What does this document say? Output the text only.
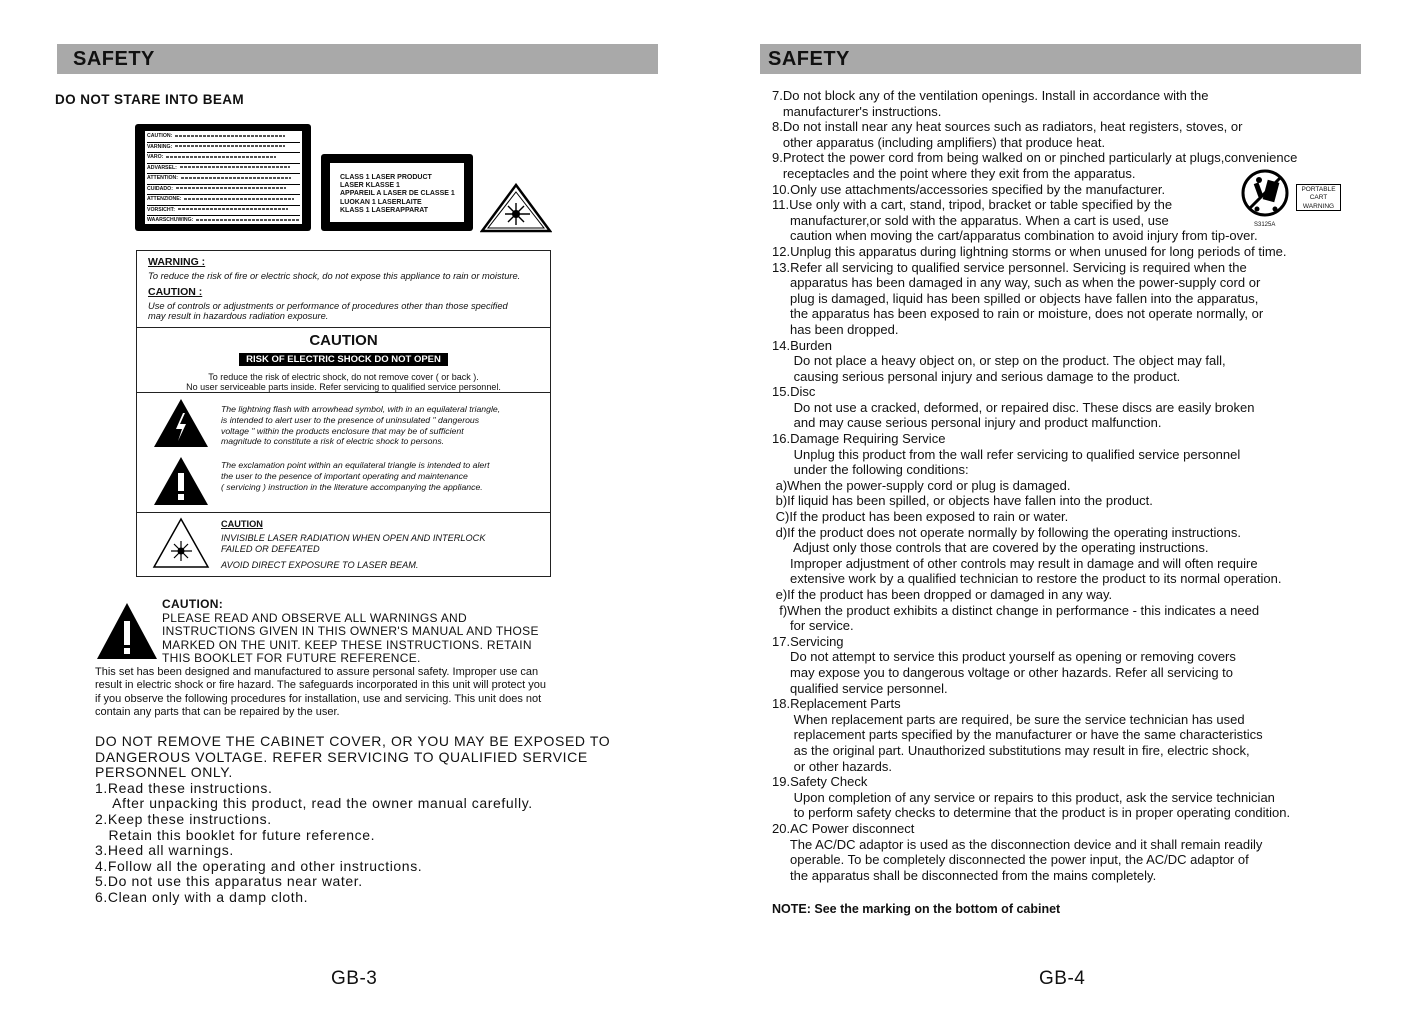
SAFETY
DO NOT STARE INTO BEAM
CAUTION:
VARNING:
VARO:
ADVARSEL:
ATTENTION:
CUIDADO:
ATTENZIONE:
VORSICHT:
WAARSCHUWING:
CLASS 1 LASER PRODUCT
LASER KLASSE 1
APPAREIL A LASER DE CLASSE 1
LUOKAN 1 LASERLAITE
KLASS 1 LASERAPPARAT
WARNING :
To reduce the risk of fire or electric shock, do not expose this appliance to rain or moisture.
CAUTION :
Use of controls or adjustments or performance of procedures other than those specified
may result in hazardous radiation exposure.
CAUTION
RISK OF ELECTRIC SHOCK DO NOT OPEN
To reduce the risk of electric shock, do not remove cover ( or back ).
No user serviceable parts inside. Refer servicing to qualified service personnel.
The lightning flash with arrowhead symbol, with in an equilateral triangle,
is intended to alert user to the presence of uninsulated " dangerous
voltage " within the products enclosure that may be of sufficient
magnitude to constitute a risk of electric shock to persons.
The exclamation point within an equilateral triangle is intended to alert
the user to the pesence of important operating and maintenance
( servicing ) instruction in the literature accompanying the appliance.
CAUTION
INVISIBLE LASER RADIATION WHEN OPEN AND INTERLOCK
FAILED OR DEFEATED
AVOID DIRECT EXPOSURE TO LASER BEAM.
CAUTION:
PLEASE READ AND OBSERVE ALL WARNINGS AND
INSTRUCTIONS GIVEN IN THIS OWNER'S MANUAL AND THOSE
MARKED ON THE UNIT. KEEP THESE INSTRUCTIONS. RETAIN
THIS BOOKLET FOR FUTURE REFERENCE.
This set has been designed and manufactured to assure personal safety. Improper use can
result in electric shock or fire hazard. The safeguards incorporated in this unit will protect you
if you observe the following procedures for installation, use and servicing. This unit does not
contain any parts that can be repaired by the user.
DO NOT REMOVE THE CABINET COVER, OR YOU MAY BE EXPOSED TO
DANGEROUS VOLTAGE. REFER SERVICING TO QUALIFIED SERVICE
PERSONNEL ONLY.
1.Read these instructions.
After unpacking this product, read the owner manual carefully.
2.Keep these instructions.
Retain this booklet for future reference.
3.Heed all warnings.
4.Follow all the operating and other instructions.
5.Do not use this apparatus near water.
6.Clean only with a damp cloth.
GB-3
SAFETY
7.Do not block any of the ventilation openings. Install in accordance with the
manufacturer's instructions.
8.Do not install near any heat sources such as radiators, heat registers, stoves, or
other apparatus (including amplifiers) that produce heat.
9.Protect the power cord from being walked on or pinched particularly at plugs,convenience
receptacles and the point where they exit from the apparatus.
10.Only use attachments/accessories specified by the manufacturer.
11.Use only with a cart, stand, tripod, bracket or table specified by the
manufacturer,or sold with the apparatus. When a cart is used, use
caution when moving the cart/apparatus combination to avoid injury from tip-over.
12.Unplug this apparatus during lightning storms or when unused for long periods of time.
13.Refer all servicing to qualified service personnel. Servicing is required when the
apparatus has been damaged in any way, such as when the power-supply cord or
plug is damaged, liquid has been spilled or objects have fallen into the apparatus,
the apparatus has been exposed to rain or moisture, does not operate normally, or
has been dropped.
14.Burden
Do not place a heavy object on, or step on the product. The object may fall,
causing serious personal injury and serious damage to the product.
15.Disc
Do not use a cracked, deformed, or repaired disc. These discs are easily broken
and may cause serious personal injury and product malfunction.
16.Damage Requiring Service
Unplug this product from the wall refer servicing to qualified service personnel
under the following conditions:
a)When the power-supply cord or plug is damaged.
b)If liquid has been spilled, or objects have fallen into the product.
C)If the product has been exposed to rain or water.
d)If the product does not operate normally by following the operating instructions.
Adjust only those controls that are covered by the operating instructions.
Improper adjustment of other controls may result in damage and will often require
extensive work by a qualified technician to restore the product to its normal operation.
e)If the product has been dropped or damaged in any way.
f)When the product exhibits a distinct change in performance - this indicates a need
for service.
17.Servicing
Do not attempt to service this product yourself as opening or removing covers
may expose you to dangerous voltage or other hazards. Refer all servicing to
qualified service personnel.
18.Replacement Parts
When replacement parts are required, be sure the service technician has used
replacement parts specified by the manufacturer or have the same characteristics
as the original part. Unauthorized substitutions may result in fire, electric shock,
or other hazards.
19.Safety Check
Upon completion of any service or repairs to this product, ask the service technician
to perform safety checks to determine that the product is in proper operating condition.
20.AC Power disconnect
The AC/DC adaptor is used as the disconnection device and it shall remain readily
operable. To be completely disconnected the power input, the AC/DC adaptor of
the apparatus shall be disconnected from the mains completely.
S3125A
PORTABLE
CART
WARNING
NOTE: See the marking on the bottom of cabinet
GB-4
